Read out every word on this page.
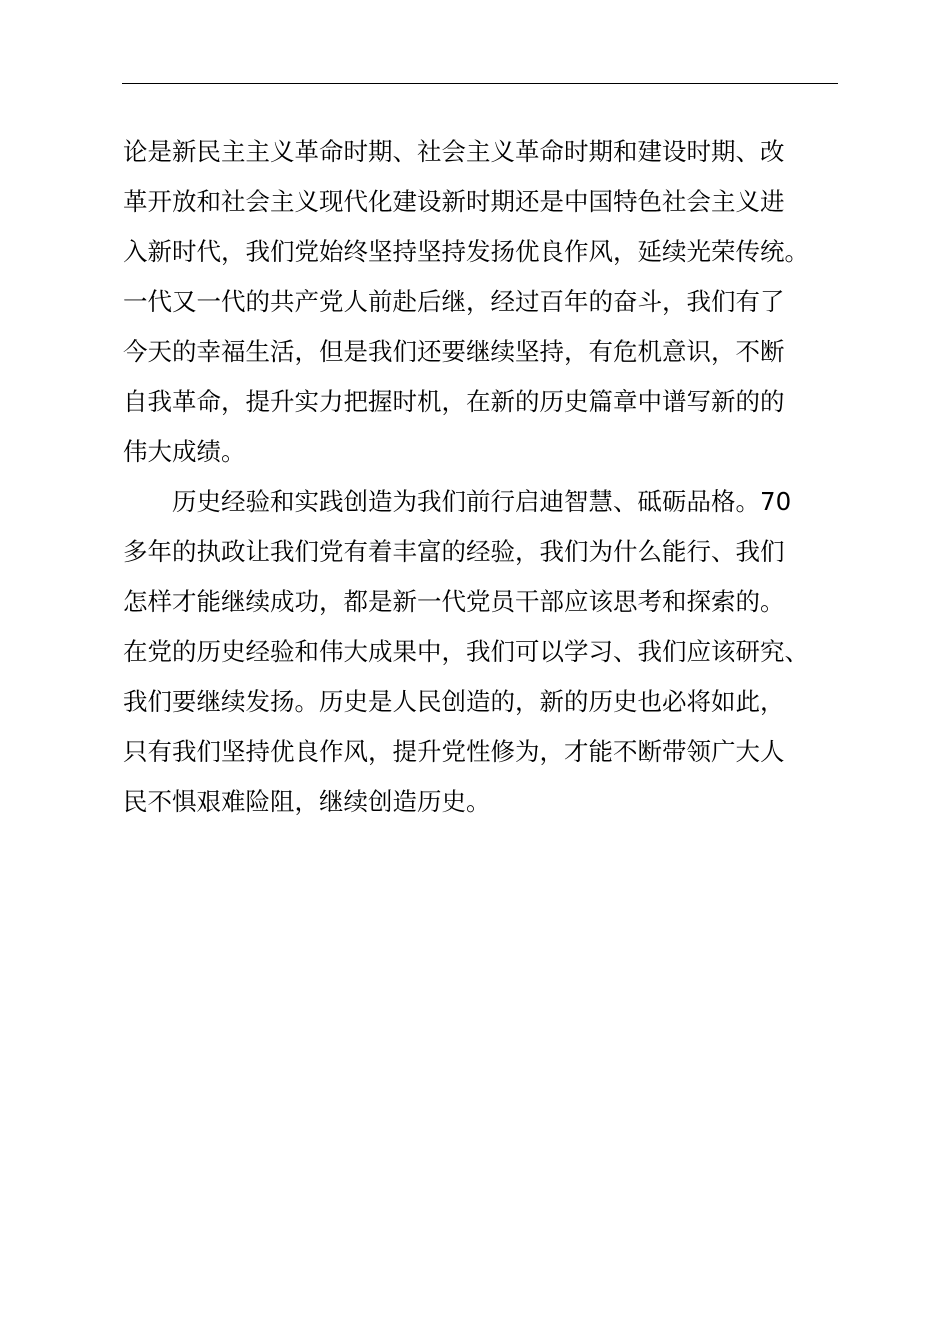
论是新民主主义革命时期、社会主义革命时期和建设时期、改
革开放和社会主义现代化建设新时期还是中国特色社会主义进
入新时代，我们党始终坚持坚持发扬优良作风，延续光荣传统。
一代又一代的共产党人前赴后继，经过百年的奋斗，我们有了
今天的幸福生活，但是我们还要继续坚持，有危机意识，不断
自我革命，提升实力把握时机，在新的历史篇章中谱写新的的
伟大成绩。
历史经验和实践创造为我们前行启迪智慧、砥砺品格。70
多年的执政让我们党有着丰富的经验，我们为什么能行、我们
怎样才能继续成功，都是新一代党员干部应该思考和探索的。
在党的历史经验和伟大成果中，我们可以学习、我们应该研究、
我们要继续发扬。历史是人民创造的，新的历史也必将如此，
只有我们坚持优良作风，提升党性修为，才能不断带领广大人
民不惧艰难险阻，继续创造历史。
